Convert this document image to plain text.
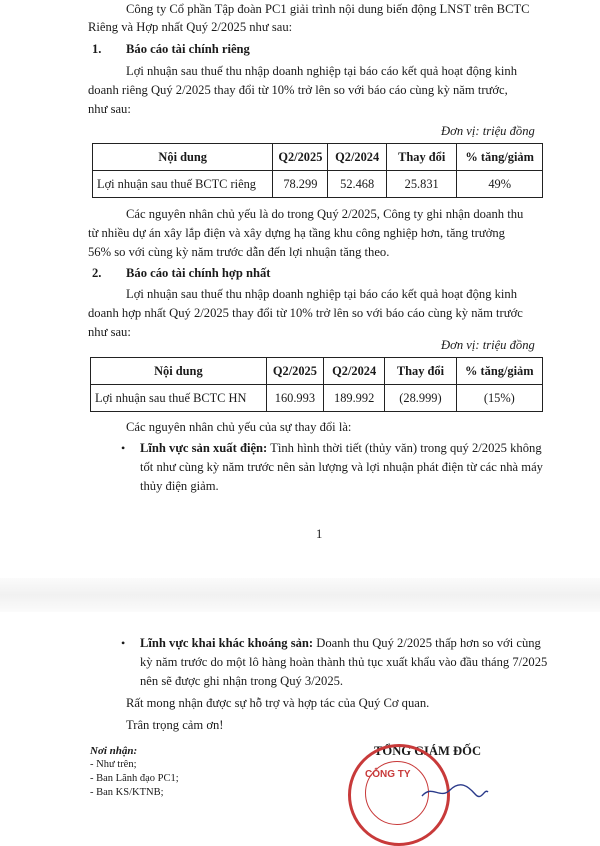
Công ty Cổ phần Tập đoàn PC1 giải trình nội dung biến động LNST trên BCTC
Riêng và Hợp nhất Quý 2/2025 như sau:
1. Báo cáo tài chính riêng
Lợi nhuận sau thuế thu nhập doanh nghiệp tại báo cáo kết quả hoạt động kinh
doanh riêng Quý 2/2025 thay đổi từ 10% trở lên so với báo cáo cùng kỳ năm trước,
như sau:
Đơn vị: triệu đồng
Nội dung	Q2/2025	Q2/2024	Thay đổi	% tăng/giảm
Lợi nhuận sau thuế BCTC riêng	78.299	52.468	25.831	49%
Các nguyên nhân chủ yếu là do trong Quý 2/2025, Công ty ghi nhận doanh thu
từ nhiều dự án xây lắp điện và xây dựng hạ tầng khu công nghiệp hơn, tăng trưởng
56% so với cùng kỳ năm trước dẫn đến lợi nhuận tăng theo.
2. Báo cáo tài chính hợp nhất
Lợi nhuận sau thuế thu nhập doanh nghiệp tại báo cáo kết quả hoạt động kinh
doanh hợp nhất Quý 2/2025 thay đổi từ 10% trở lên so với báo cáo cùng kỳ năm trước
như sau:
Đơn vị: triệu đồng
Nội dung	Q2/2025	Q2/2024	Thay đổi	% tăng/giảm
Lợi nhuận sau thuế BCTC HN	160.993	189.992	(28.999)	(15%)
Các nguyên nhân chủ yếu của sự thay đổi là:
• Lĩnh vực sản xuất điện: Tình hình thời tiết (thủy văn) trong quý 2/2025 không
tốt như cùng kỳ năm trước nên sản lượng và lợi nhuận phát điện từ các nhà máy
thủy điện giảm.
1
• Lĩnh vực khai khác khoáng sản: Doanh thu Quý 2/2025 thấp hơn so với cùng
kỳ năm trước do một lô hàng hoàn thành thủ tục xuất khẩu vào đầu tháng 7/2025
nên sẽ được ghi nhận trong Quý 3/2025.
Rất mong nhận được sự hỗ trợ và hợp tác của Quý Cơ quan.
Trân trọng cảm ơn!
Nơi nhận:
- Như trên;
- Ban Lãnh đạo PC1;
- Ban KS/KTNB;
TỔNG GIÁM ĐỐC
CÔNG TY
